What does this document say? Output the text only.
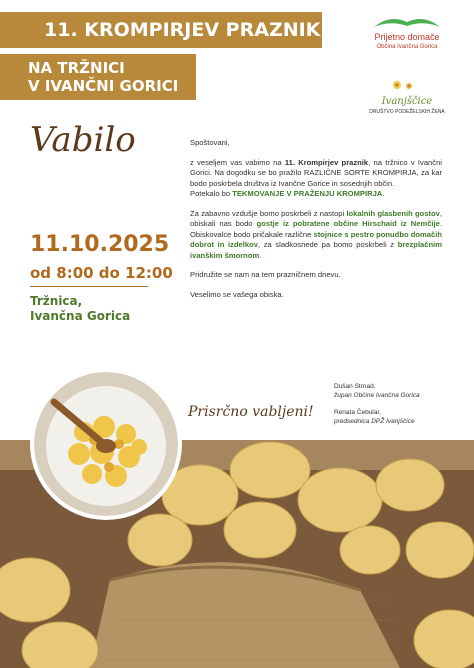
11. KROMPIRJEV PRAZNIK
NA TRŽNICI
V IVANČNI GORICI
Prijetno domače
Občina Ivančna Gorica
Ivanjščice
DRUŠTVO PODEŽELSKIH ŽENA
Vabilo
11.10.2025
od 8:00 do 12:00
Tržnica,
Ivančna Gorica

Spoštovani,

z veseljem vas vabimo na 11. Krompirjev praznik, na tržnico v Ivančni Gorici. Na dogodku se bo pražilo RAZLIČNE SORTE KROMPIRJA, za kar bodo poskrbela društva iz Ivančne Gorice in sosednjih občin.
Potekalo bo TEKMOVANJE V PRAŽENJU KROMPIRJA.

Za zabavno vzdušje bomo poskrbeli z nastopi lokalnih glasbenih gostov, obiskali nas bodo gostje iz pobratene občine Hirschaid iz Nemčije. Obiskovalce bodo pričakale različne stojnice s pestro ponudbo domačih dobrot in izdelkov, za sladkosnede pa bomo poskrbeli z brezplačnim ivanškim šmornom.

Pridružite se nam na tem prazničnem dnevu.

Veselimo se vašega obiska.

Dušan Strnad,
župan Občine Ivančna Gorica
Renata Čebular,
predsednica DPŽ Ivanjščice
Prisrčno vabljeni!
